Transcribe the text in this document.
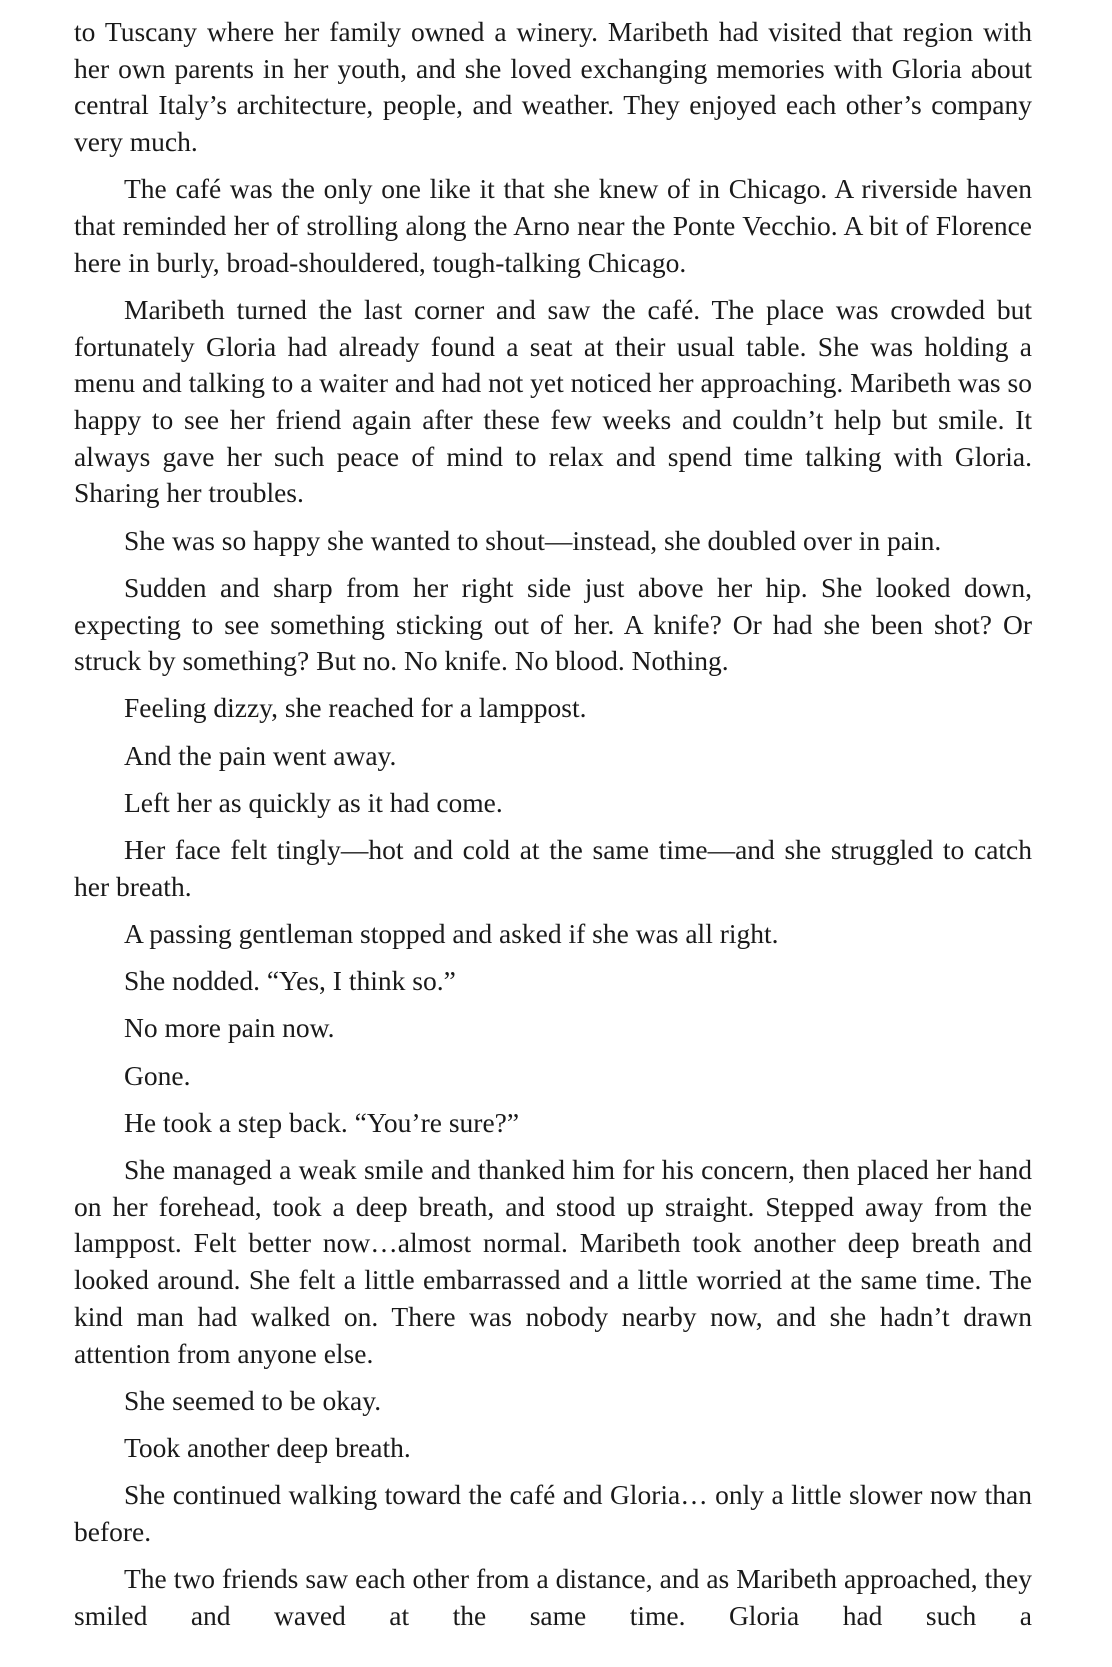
to Tuscany where her family owned a winery. Maribeth had visited that region with her own parents in her youth, and she loved exchanging memories with Gloria about central Italy’s architecture, people, and weather. They enjoyed each other’s company very much.

The café was the only one like it that she knew of in Chicago. A riverside haven that reminded her of strolling along the Arno near the Ponte Vecchio. A bit of Florence here in burly, broad-shouldered, tough-talking Chicago.

Maribeth turned the last corner and saw the café. The place was crowded but fortunately Gloria had already found a seat at their usual table. She was holding a menu and talking to a waiter and had not yet noticed her approaching. Maribeth was so happy to see her friend again after these few weeks and couldn’t help but smile. It always gave her such peace of mind to relax and spend time talking with Gloria. Sharing her troubles.

She was so happy she wanted to shout—instead, she doubled over in pain.

Sudden and sharp from her right side just above her hip. She looked down, expecting to see something sticking out of her. A knife? Or had she been shot? Or struck by something? But no. No knife. No blood. Nothing.

Feeling dizzy, she reached for a lamppost.

And the pain went away.

Left her as quickly as it had come.

Her face felt tingly—hot and cold at the same time—and she struggled to catch her breath.

A passing gentleman stopped and asked if she was all right.

She nodded. “Yes, I think so.”

No more pain now.

Gone.

He took a step back. “You’re sure?”

She managed a weak smile and thanked him for his concern, then placed her hand on her forehead, took a deep breath, and stood up straight. Stepped away from the lamppost. Felt better now…almost normal. Maribeth took another deep breath and looked around. She felt a little embarrassed and a little worried at the same time. The kind man had walked on. There was nobody nearby now, and she hadn’t drawn attention from anyone else.

She seemed to be okay.

Took another deep breath.

She continued walking toward the café and Gloria… only a little slower now than before.

The two friends saw each other from a distance, and as Maribeth approached, they smiled and waved at the same time. Gloria had such a
